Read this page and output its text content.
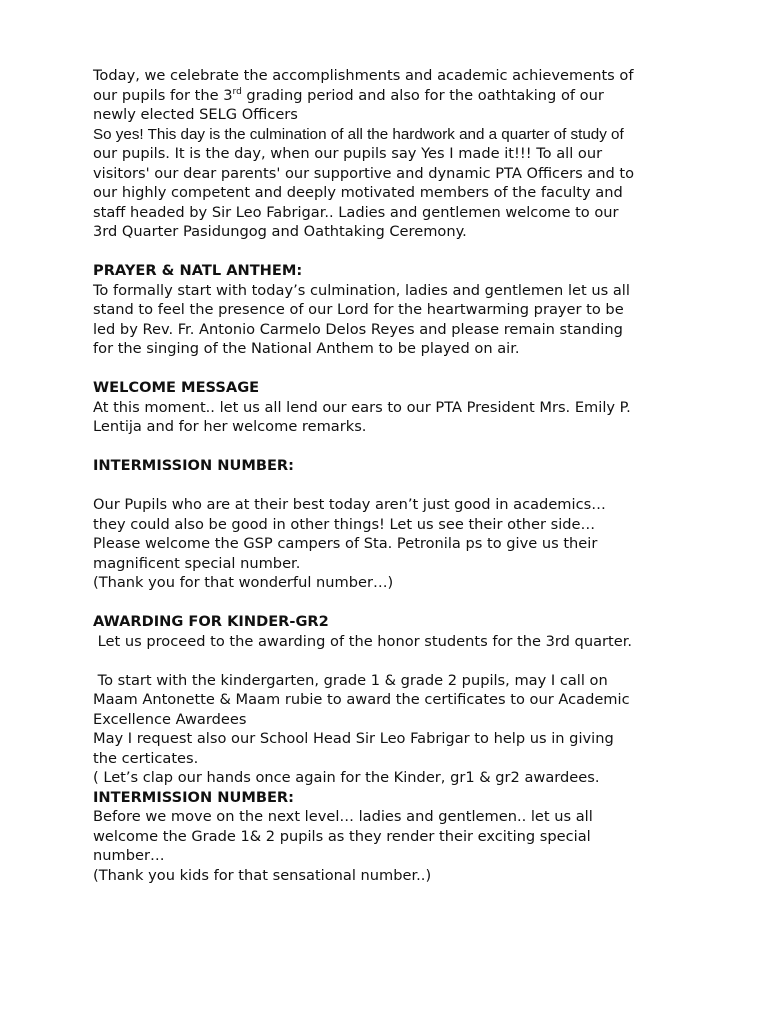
Today, we celebrate the accomplishments and academic achievements of

our pupils for the 3rd grading period and also for the oathtaking of our

newly elected SELG Officers

So yes! This day is the culmination of all the hardwork and a quarter of study of

our pupils. It is the day, when our pupils say Yes I made it!!! To all our

visitors' our dear parents' our supportive and dynamic PTA Officers and to

our highly competent and deeply motivated members of the faculty and

staff headed by Sir Leo Fabrigar.. Ladies and gentlemen welcome to our

3rd Quarter Pasidungog and Oathtaking Ceremony.

PRAYER & NATL ANTHEM:

To formally start with today’s culmination, ladies and gentlemen let us all

stand to feel the presence of our Lord for the heartwarming prayer to be

led by Rev. Fr. Antonio Carmelo Delos Reyes and please remain standing

for the singing of the National Anthem to be played on air.

WELCOME MESSAGE

At this moment.. let us all lend our ears to our PTA President Mrs. Emily P.

Lentija and for her welcome remarks.

INTERMISSION NUMBER:

Our Pupils who are at their best today aren’t just good in academics…

they could also be good in other things! Let us see their other side…

Please welcome the GSP campers of Sta. Petronila ps to give us their

magnificent special number.

(Thank you for that wonderful number…)

AWARDING FOR KINDER-GR2

Let us proceed to the awarding of the honor students for the 3rd quarter.

To start with the kindergarten, grade 1 & grade 2 pupils, may I call on

Maam Antonette & Maam rubie to award the certificates to our Academic

Excellence Awardees

May I request also our School Head Sir Leo Fabrigar to help us in giving

the certicates.

( Let’s clap our hands once again for the Kinder, gr1 & gr2 awardees.

INTERMISSION NUMBER:

Before we move on the next level… ladies and gentlemen.. let us all

welcome the Grade 1& 2 pupils as they render their exciting special

number…

(Thank you kids for that sensational number..)
